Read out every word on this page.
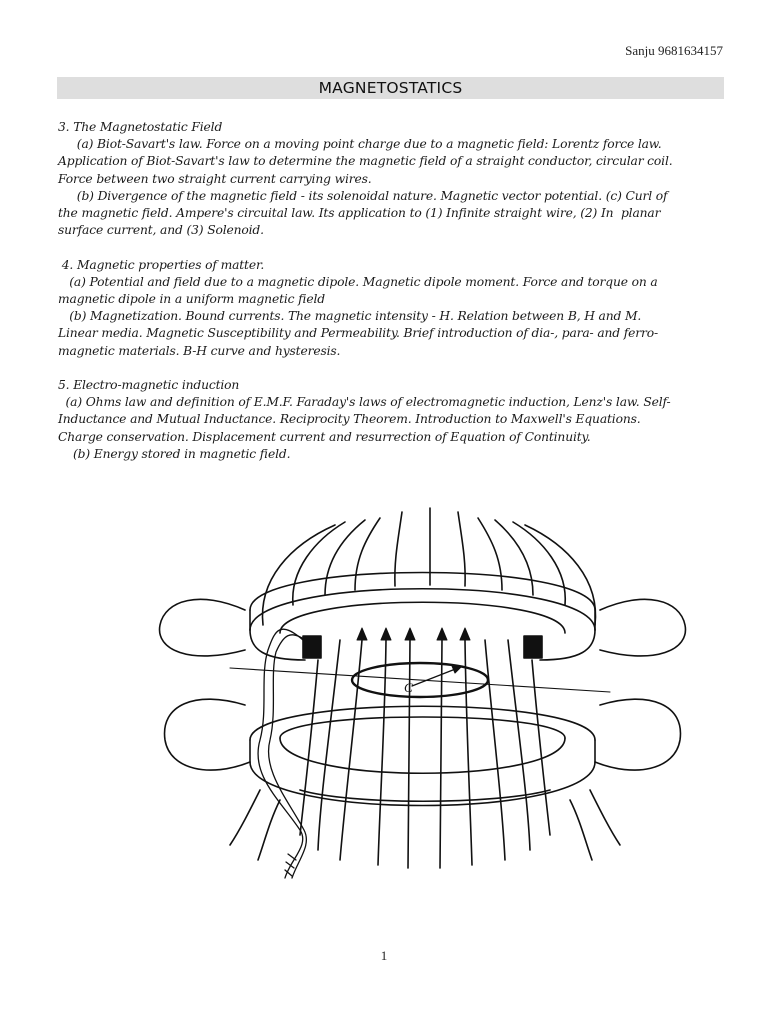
Sanju 9681634157
MAGNETOSTATICS
3. The Magnetostatic Field
(a) Biot-Savart's law. Force on a moving point charge due to a magnetic field: Lorentz force law.
Application of Biot-Savart's law to determine the magnetic field of a straight conductor, circular coil.
Force between two straight current carrying wires.
(b) Divergence of the magnetic field - its solenoidal nature. Magnetic vector potential. (c) Curl of
the magnetic field. Ampere's circuital law. Its application to (1) Infinite straight wire, (2) In  planar
surface current, and (3) Solenoid.
4. Magnetic properties of matter.
(a) Potential and field due to a magnetic dipole. Magnetic dipole moment. Force and torque on a
magnetic dipole in a uniform magnetic field
(b) Magnetization. Bound currents. The magnetic intensity - H. Relation between B, H and M.
Linear media. Magnetic Susceptibility and Permeability. Brief introduction of dia-, para- and ferro-
magnetic materials. B-H curve and hysteresis.
5. Electro-magnetic induction
(a) Ohms law and definition of E.M.F. Faraday's laws of electromagnetic induction, Lenz's law. Self-
Inductance and Mutual Inductance. Reciprocity Theorem. Introduction to Maxwell's Equations.
Charge conservation. Displacement current and resurrection of Equation of Continuity.
(b) Energy stored in magnetic field.
C
1
